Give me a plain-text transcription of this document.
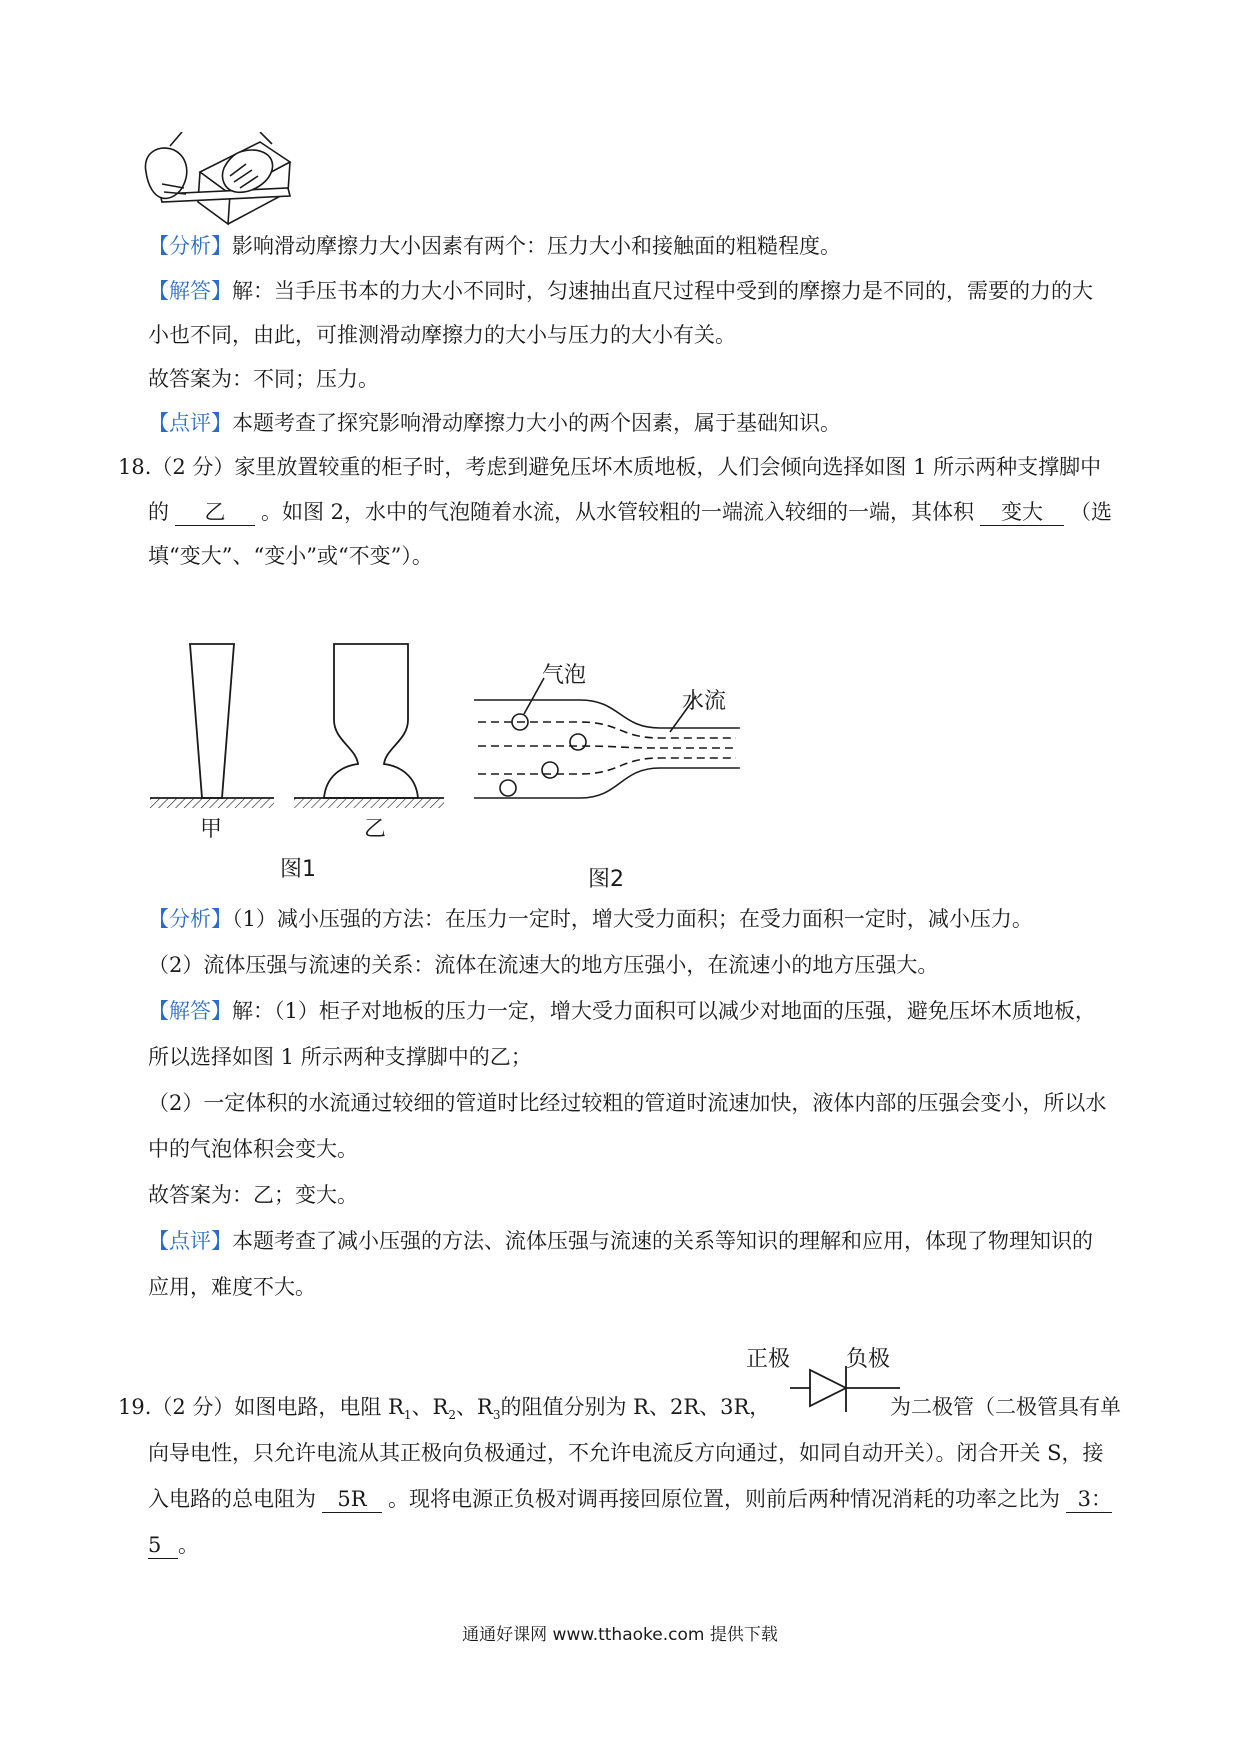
【分析】影响滑动摩擦力大小因素有两个：压力大小和接触面的粗糙程度。
【解答】解：当手压书本的力大小不同时，匀速抽出直尺过程中受到的摩擦力是不同的，需要的力的大
小也不同，由此，可推测滑动摩擦力的大小与压力的大小有关。
故答案为：不同；压力。
【点评】本题考查了探究影响滑动摩擦力大小的两个因素，属于基础知识。
18.（2 分）家里放置较重的柜子时，考虑到避免压坏木质地板，人们会倾向选择如图 1 所示两种支撑脚中
的 乙 。如图 2，水中的气泡随着水流，从水管较粗的一端流入较细的一端，其体积 变大 （选
填“变大”、“变小”或“不变”）。
甲	乙
图1
气泡
水流
图2
【分析】（1）减小压强的方法：在压力一定时，增大受力面积；在受力面积一定时，减小压力。
（2）流体压强与流速的关系：流体在流速大的地方压强小，在流速小的地方压强大。
【解答】解：（1）柜子对地板的压力一定，增大受力面积可以减少对地面的压强，避免压坏木质地板，
所以选择如图 1 所示两种支撑脚中的乙；
（2）一定体积的水流通过较细的管道时比经过较粗的管道时流速加快，液体内部的压强会变小，所以水
中的气泡体积会变大。
故答案为：乙；变大。
【点评】本题考查了减小压强的方法、流体压强与流速的关系等知识的理解和应用，体现了物理知识的
应用，难度不大。
正极	负极
19.（2 分）如图电路，电阻 $R_1$、$R_2$、$R_3$的阻值分别为 R、2R、3R，	为二极管（二极管具有单
向导电性，只允许电流从其正极向负极通过，不允许电流反方向通过，如同自动开关）。闭合开关 S，接
入电路的总电阻为 5R 。现将电源正负极对调再接回原位置，则前后两种情况消耗的功率之比为 3：
5 。
通通好课网 www.tthaoke.com 提供下载
